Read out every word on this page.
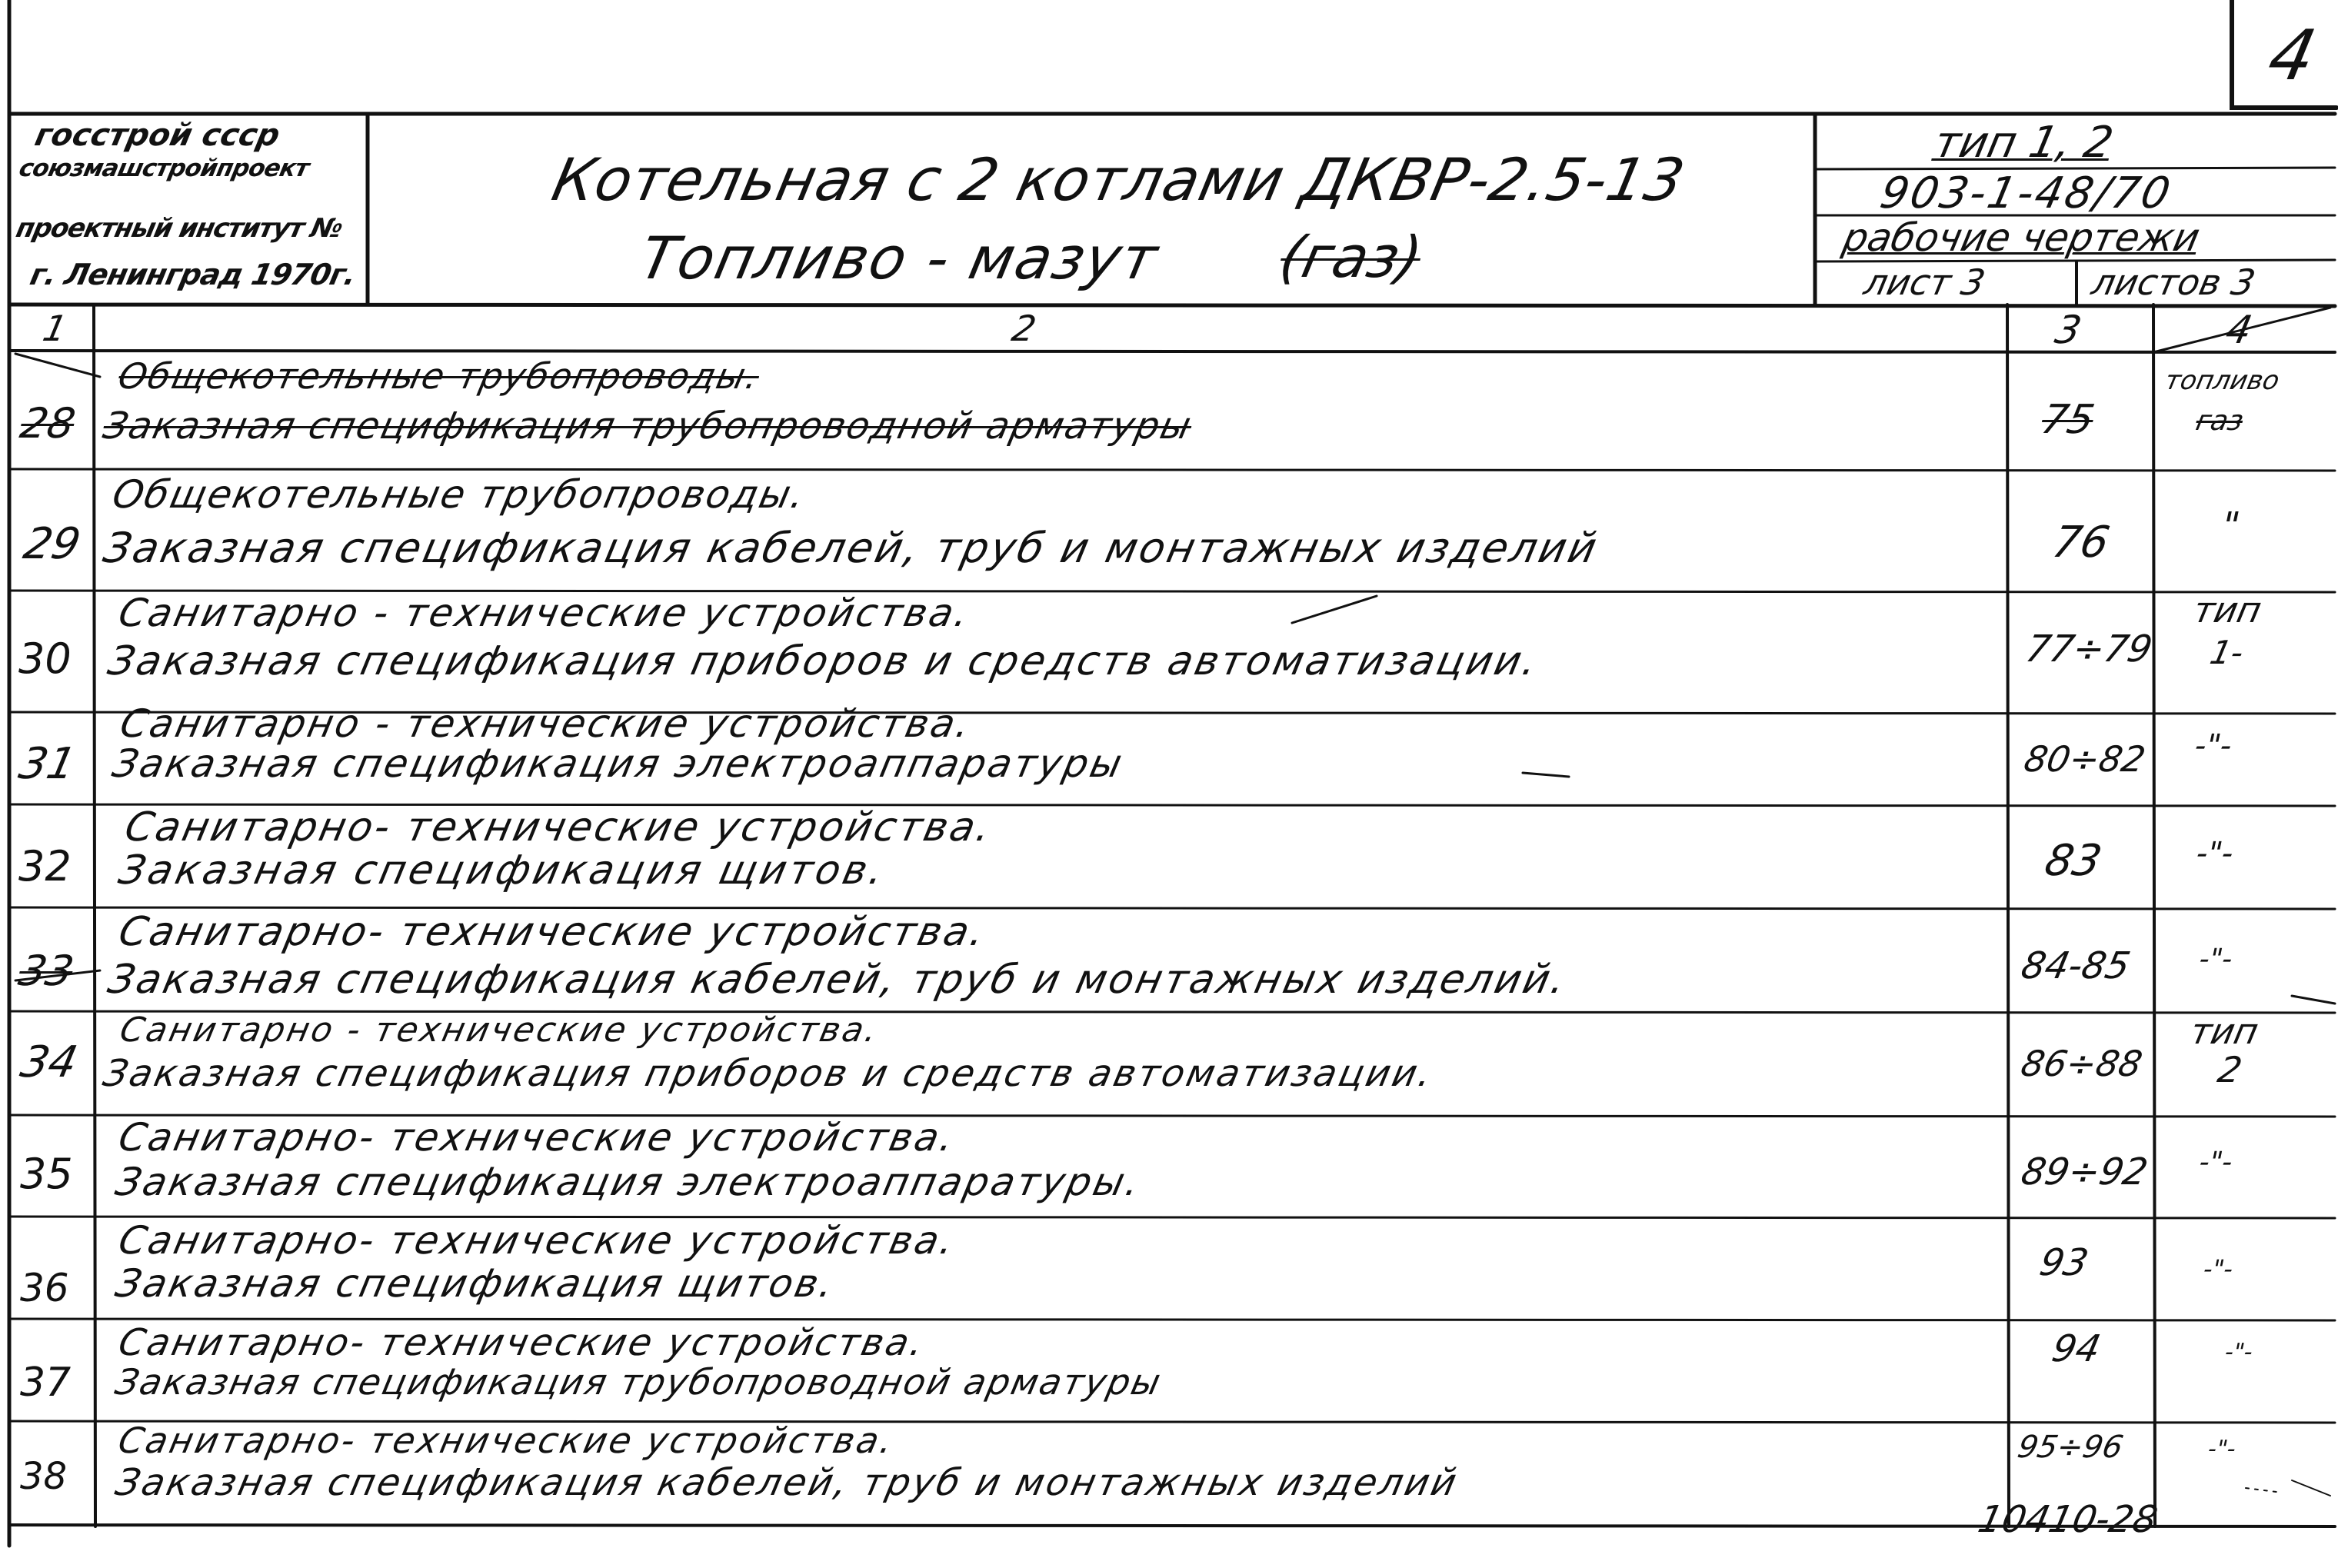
4
госстрой ссср
союзмашстройпроект
проектный институт №
г. Ленинград 1970г.
Котельная с 2 котлами ДКВР-2.5-13
Топливо - мазут (газ)
тип 1, 2
903-1-48/70
рабочие чертежи
лист 3	листов 3
1	2	3	4
28
Общекотельные трубопроводы.
Заказная спецификация трубопроводной арматуры	75
топливо
газ
29
Общекотельные трубопроводы.
Заказная спецификация кабелей, труб и монтажных изделий	76	"
30
Санитарно - технические устройства.
Заказная спецификация приборов и средств автоматизации.	77÷79
тип
1-
31
Санитарно - технические устройства.
Заказная спецификация электроаппаратуры	80÷82 -"-
32
Санитарно- технические устройства.
Заказная спецификация щитов.	83	-"-
33
Санитарно- технические устройства.
Заказная спецификация кабелей, труб и монтажных изделий.	84-85 -"-
34
Санитарно - технические устройства.
Заказная спецификация приборов и средств автоматизации.	86÷88
тип
2
35
Санитарно- технические устройства.
Заказная спецификация электроаппаратуры.	89÷92 -"-
36
Санитарно- технические устройства.
Заказная спецификация щитов.	93	-"-
37
Санитарно- технические устройства.
Заказная спецификация трубопроводной арматуры
94	-"-
38
Санитарно- технические устройства.
Заказная спецификация кабелей, труб и монтажных изделий
95÷96	-"-
10410-28
